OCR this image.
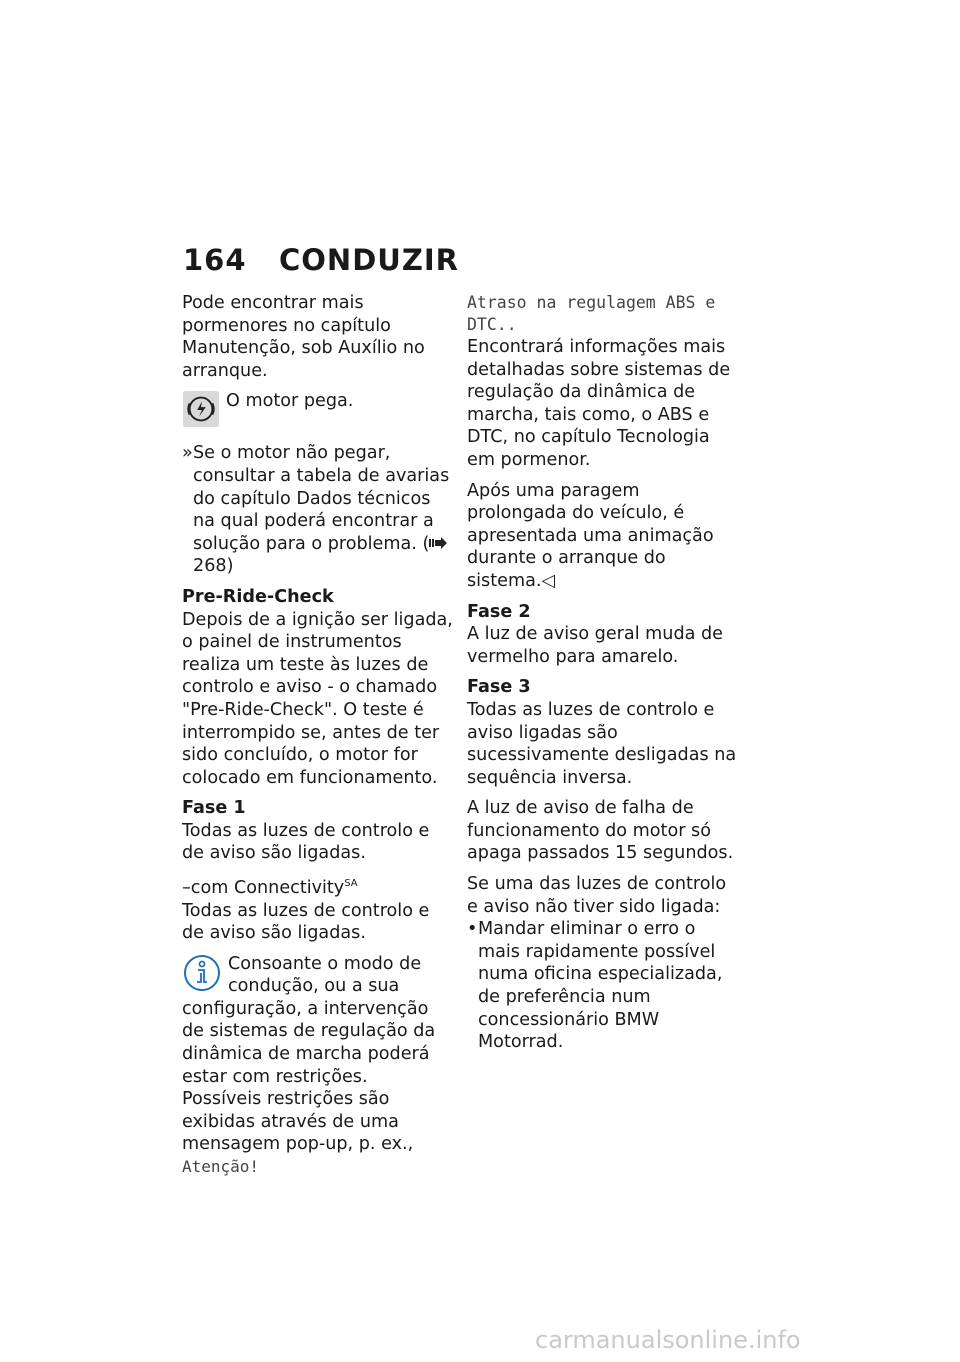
164 CONDUZIR

Pode encontrar mais pormenores no capítulo Manutenção, sob Auxílio no arranque.

O motor pega.
» Se o motor não pegar, consultar a tabela de avarias do capítulo Dados técnicos na qual poderá encontrar a solução para o problema. ( 268)

Pre-Ride-Check

Depois de a ignição ser ligada, o painel de instrumentos realiza um teste às luzes de controlo e aviso - o chamado "Pre-Ride-Check". O teste é interrompido se, antes de ter sido concluído, o motor for colocado em funcionamento.

Fase 1

Todas as luzes de controlo e de aviso são ligadas.

–com Connectivity$^{SA}$

Todas as luzes de controlo e de aviso são ligadas.

Consoante o modo de condução, ou a sua configuração, a intervenção de sistemas de regulação da dinâmica de marcha poderá estar com restrições.

Possíveis restrições são exibidas através de uma mensagem pop-up, p. ex., Atenção!

Atraso na regulagem ABS e DTC..

Encontrará informações mais detalhadas sobre sistemas de regulação da dinâmica de marcha, tais como, o ABS e DTC, no capítulo Tecnologia em pormenor.

Após uma paragem prolongada do veículo, é apresentada uma animação durante o arranque do sistema.◁

Fase 2

A luz de aviso geral muda de vermelho para amarelo.

Fase 3

Todas as luzes de controlo e aviso ligadas são sucessivamente desligadas na sequência inversa.

A luz de aviso de falha de funcionamento do motor só apaga passados 15 segundos.

Se uma das luzes de controlo e aviso não tiver sido ligada:

• Mandar eliminar o erro o mais rapidamente possível numa oficina especializada, de preferência num concessionário BMW Motorrad.
carmanualsonline.info
